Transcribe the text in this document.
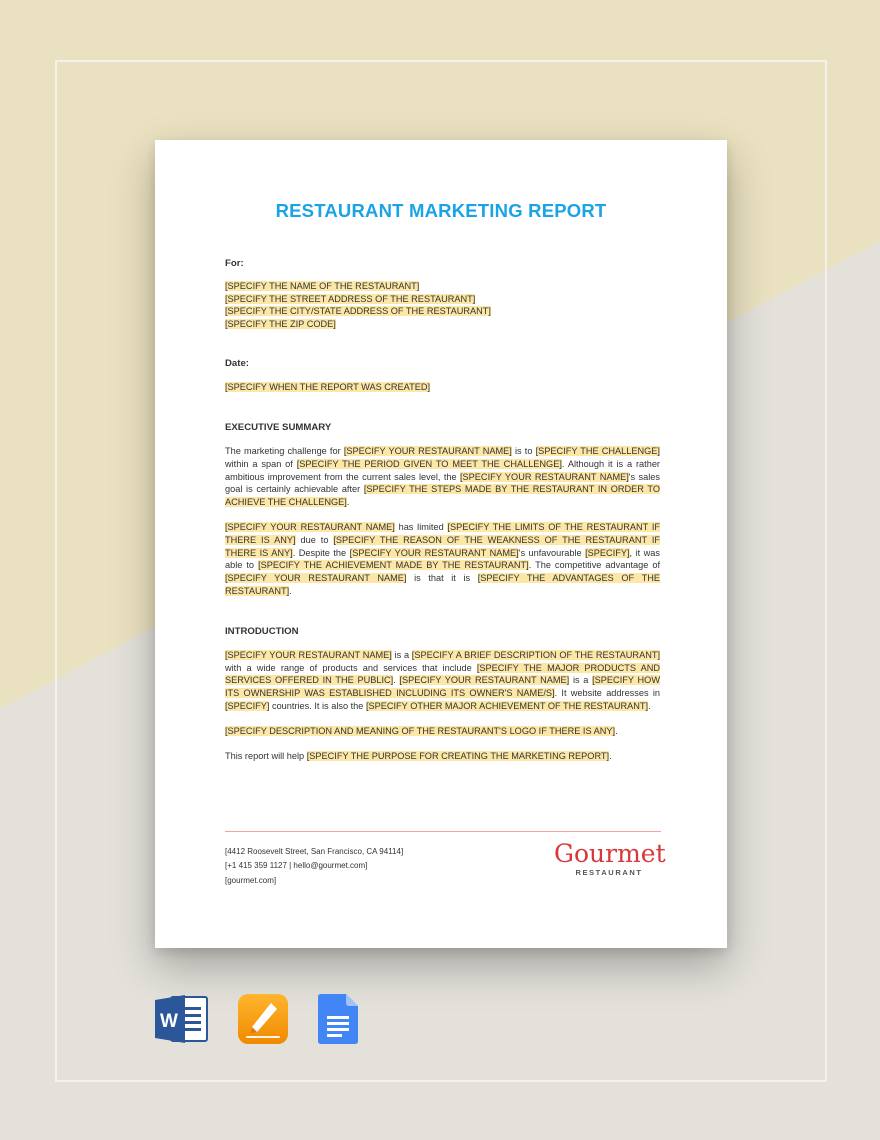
RESTAURANT MARKETING REPORT
For:
[SPECIFY THE NAME OF THE RESTAURANT]
[SPECIFY THE STREET ADDRESS OF THE RESTAURANT]
[SPECIFY THE CITY/STATE ADDRESS OF THE RESTAURANT]
[SPECIFY THE ZIP CODE]
Date:
[SPECIFY WHEN THE REPORT WAS CREATED]
EXECUTIVE SUMMARY
The marketing challenge for [SPECIFY YOUR RESTAURANT NAME] is to [SPECIFY THE CHALLENGE] within a span of [SPECIFY THE PERIOD GIVEN TO MEET THE CHALLENGE]. Although it is a rather ambitious improvement from the current sales level, the [SPECIFY YOUR RESTAURANT NAME]'s sales goal is certainly achievable after [SPECIFY THE STEPS MADE BY THE RESTAURANT IN ORDER TO ACHIEVE THE CHALLENGE].
[SPECIFY YOUR RESTAURANT NAME] has limited [SPECIFY THE LIMITS OF THE RESTAURANT IF THERE IS ANY] due to [SPECIFY THE REASON OF THE WEAKNESS OF THE RESTAURANT IF THERE IS ANY]. Despite the [SPECIFY YOUR RESTAURANT NAME]'s unfavourable [SPECIFY], it was able to [SPECIFY THE ACHIEVEMENT MADE BY THE RESTAURANT]. The competitive advantage of [SPECIFY YOUR RESTAURANT NAME] is that it is [SPECIFY THE ADVANTAGES OF THE RESTAURANT].
INTRODUCTION
[SPECIFY YOUR RESTAURANT NAME] is a [SPECIFY A BRIEF DESCRIPTION OF THE RESTAURANT] with a wide range of products and services that include [SPECIFY THE MAJOR PRODUCTS AND SERVICES OFFERED IN THE PUBLIC]. [SPECIFY YOUR RESTAURANT NAME] is a [SPECIFY HOW ITS OWNERSHIP WAS ESTABLISHED INCLUDING ITS OWNER'S NAME/S]. It website addresses in [SPECIFY] countries. It is also the [SPECIFY OTHER MAJOR ACHIEVEMENT OF THE RESTAURANT].
[SPECIFY DESCRIPTION AND MEANING OF THE RESTAURANT'S LOGO IF THERE IS ANY].
This report will help [SPECIFY THE PURPOSE FOR CREATING THE MARKETING REPORT].
[4412 Roosevelt Street, San Francisco, CA 94114]
[+1 415 359 1127 | hello@gourmet.com]
[gourmet.com]
Gourmet
RESTAURANT
W
